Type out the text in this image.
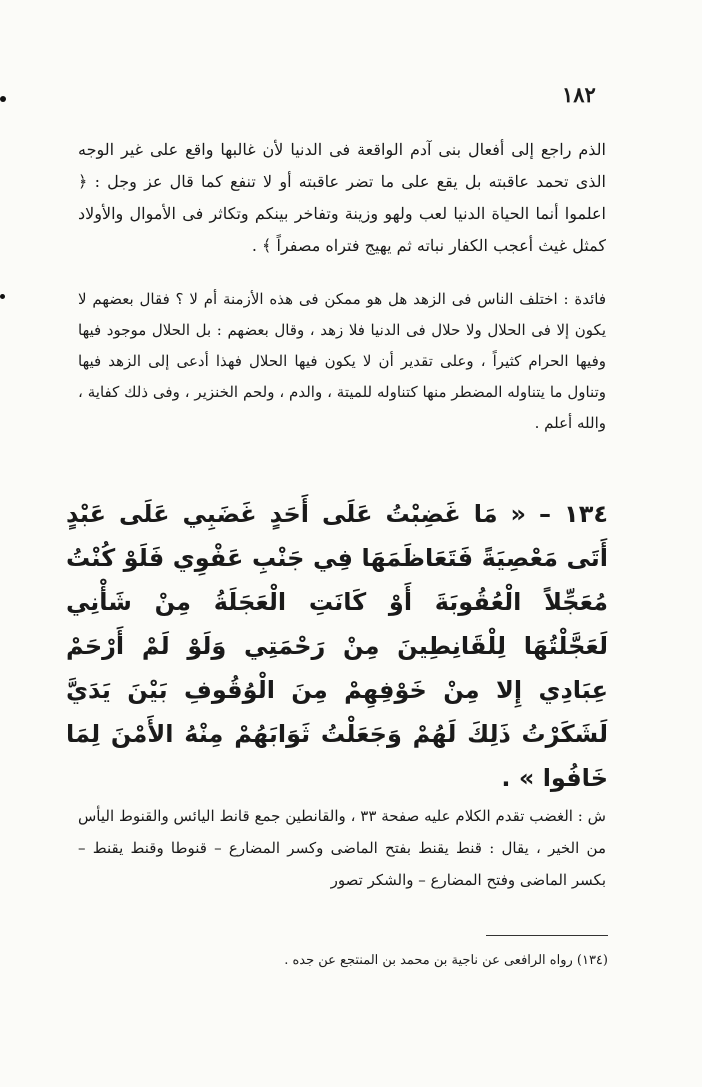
١٨٢

الذم راجع إلى أفعال بنى آدم الواقعة فى الدنيا لأن غالبها واقع على غير الوجه الذى تحمد عاقبته بل يقع على ما تضر عاقبته أو لا تنفع كما قال عز وجل : ﴿ اعلموا أنما الحياة الدنيا لعب ولهو وزينة وتفاخر بينكم وتكاثر فى الأموال والأولاد كمثل غيث أعجب الكفار نباته ثم يهيج فتراه مصفراً ﴾ .

فائدة : اختلف الناس فى الزهد هل هو ممكن فى هذه الأزمنة أم لا ؟ فقال بعضهم لا يكون إلا فى الحلال ولا حلال فى الدنيا فلا زهد ، وقال بعضهم : بل الحلال موجود فيها وفيها الحرام كثيراً ، وعلى تقدير أن لا يكون فيها الحلال فهذا أدعى إلى الزهد فيها وتناول ما يتناوله المضطر منها كتناوله للميتة ، والدم ، ولحم الخنزير ، وفى ذلك كفاية ، والله أعلم .

١٣٤ – « مَا غَضِبْتُ عَلَى أَحَدٍ غَضَبِي عَلَى عَبْدٍ أَتَى مَعْصِيَةً فَتَعَاظَمَهَا فِي جَنْبِ عَفْوِي فَلَوْ كُنْتُ مُعَجِّلاً الْعُقُوبَةَ أَوْ كَانَتِ الْعَجَلَةُ مِنْ شَأْنِي لَعَجَّلْتُهَا لِلْقَانِطِينَ مِنْ رَحْمَتِي وَلَوْ لَمْ أَرْحَمْ عِبَادِي إِلا مِنْ خَوْفِهِمْ مِنَ الْوُقُوفِ بَيْنَ يَدَيَّ لَشَكَرْتُ ذَلِكَ لَهُمْ وَجَعَلْتُ ثَوَابَهُمْ مِنْهُ الأَمْنَ لِمَا خَافُوا » .

ش : الغضب تقدم الكلام عليه صفحة ٣٣ ، والقانطين جمع قانط اليائس والقنوط اليأس من الخير ، يقال : قنط يقنط بفتح الماضى وكسر المضارع – قنوطا وقنط يقنط – بكسر الماضى وفتح المضارع – والشكر تصور

(١٣٤) رواه الرافعى عن ناجية بن محمد بن المنتجع عن جده .
